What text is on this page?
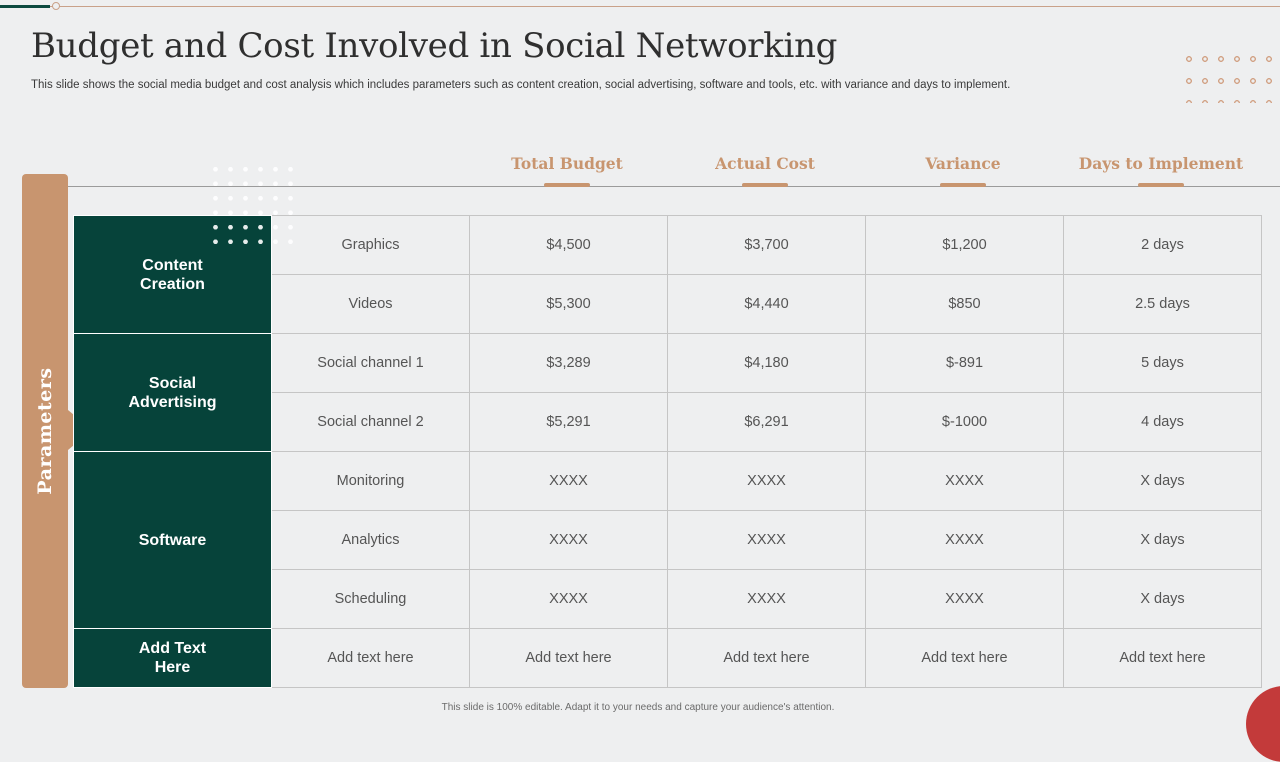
Budget and Cost Involved in Social Networking

This slide shows the social media budget and cost analysis which includes parameters such as content creation, social advertising, software and tools, etc. with variance and days to implement.

Parameters
Total Budget	Actual Cost	Variance	Days to Implement
Content Creation	Graphics	$4,500	$3,700	$1,200	2 days
	Videos	$5,300	$4,440	$850	2.5 days

Social Advertising	Social channel 1	$3,289	$4,180	$-891	5 days
	Social channel 2	$5,291	$6,291	$-1000	4 days

Software	Monitoring	XXXX	XXXX	XXXX	X days
	Analytics	XXXX	XXXX	XXXX	X days
	Scheduling	XXXX	XXXX	XXXX	X days

Add Text Here	Add text here	Add text here	Add text here	Add text here	Add text here
This slide is 100% editable. Adapt it to your needs and capture your audience's attention.
